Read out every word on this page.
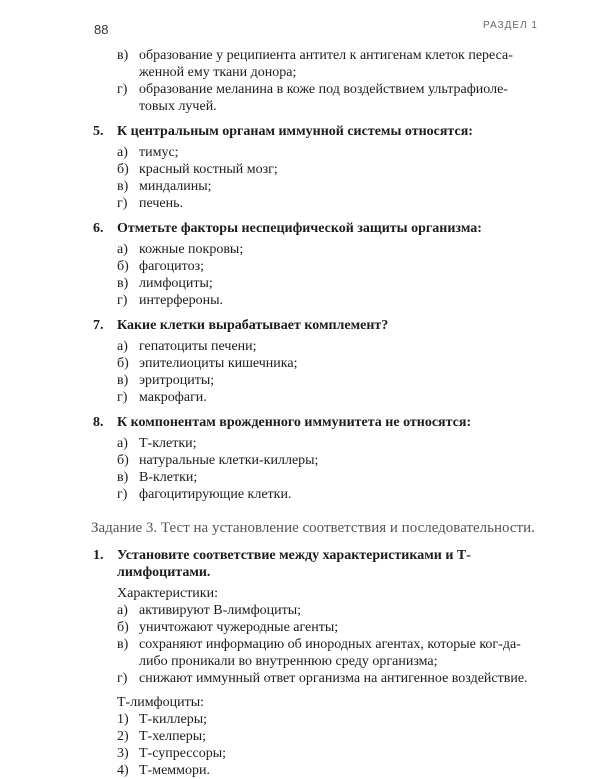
88	РАЗДЕЛ 1
в) образование у реципиента антител к антигенам клеток переса-женной ему ткани донора;
г) образование меланина в коже под воздействием ультрафиоле-товых лучей.
5. К центральным органам иммунной системы относятся:
а) тимус;
б) красный костный мозг;
в) миндалины;
г) печень.
6. Отметьте факторы неспецифической защиты организма:
а) кожные покровы;
б) фагоцитоз;
в) лимфоциты;
г) интерфероны.
7. Какие клетки вырабатывает комплемент?
а) гепатоциты печени;
б) эпителиоциты кишечника;
в) эритроциты;
г) макрофаги.
8. К компонентам врожденного иммунитета не относятся:
а) Т-клетки;
б) натуральные клетки-киллеры;
в) В-клетки;
г) фагоцитирующие клетки.
Задание 3. Тест на установление соответствия и последовательности.
1. Установите соответствие между характеристиками и Т-лимфоцитами.
Характеристики:
а) активируют В-лимфоциты;
б) уничтожают чужеродные агенты;
в) сохраняют информацию об инородных агентах, которые ког-да-либо проникали во внутреннюю среду организма;
г) снижают иммунный ответ организма на антигенное воздействие.
Т-лимфоциты:
1) Т-киллеры;
2) Т-хелперы;
3) Т-супрессоры;
4) Т-меммори.
